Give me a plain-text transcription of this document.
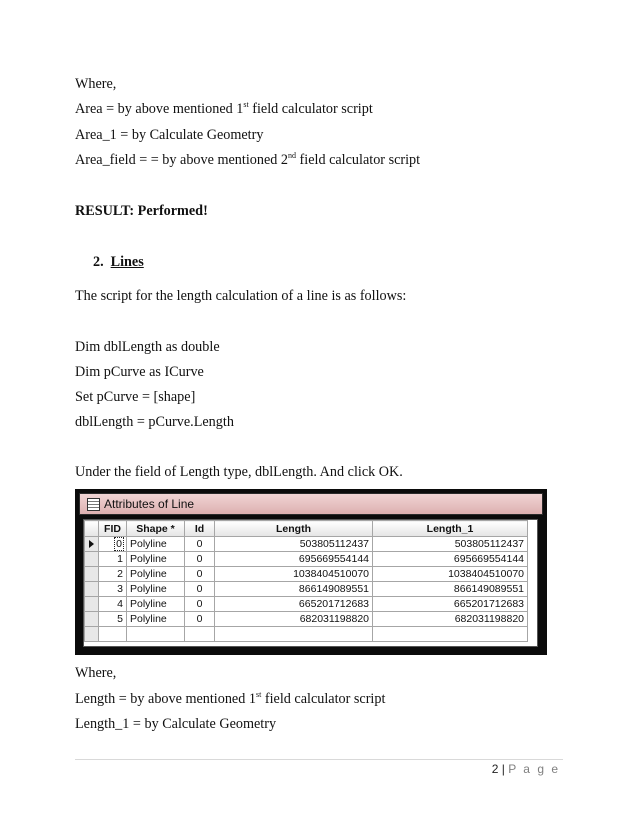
Where,
Area = by above mentioned 1st field calculator script
Area_1 = by Calculate Geometry
Area_field = = by above mentioned 2nd field calculator script
RESULT: Performed!
2. Lines
The script for the length calculation of a line is as follows:
Dim dblLength as double
Dim pCurve as ICurve
Set pCurve = [shape]
dblLength = pCurve.Length
Under the field of Length type, dblLength. And click OK.
Attributes of Line
	FID	Shape *	Id	Length	Length_1
	0	Polyline	0	503805112437	503805112437
	1	Polyline	0	695669554144	695669554144
	2	Polyline	0	1038404510070	1038404510070
	3	Polyline	0	866149089551	866149089551
	4	Polyline	0	665201712683	665201712683
	5	Polyline	0	682031198820	682031198820

Where,
Length = by above mentioned 1st field calculator script
Length_1 = by Calculate Geometry
2 | P a g e
